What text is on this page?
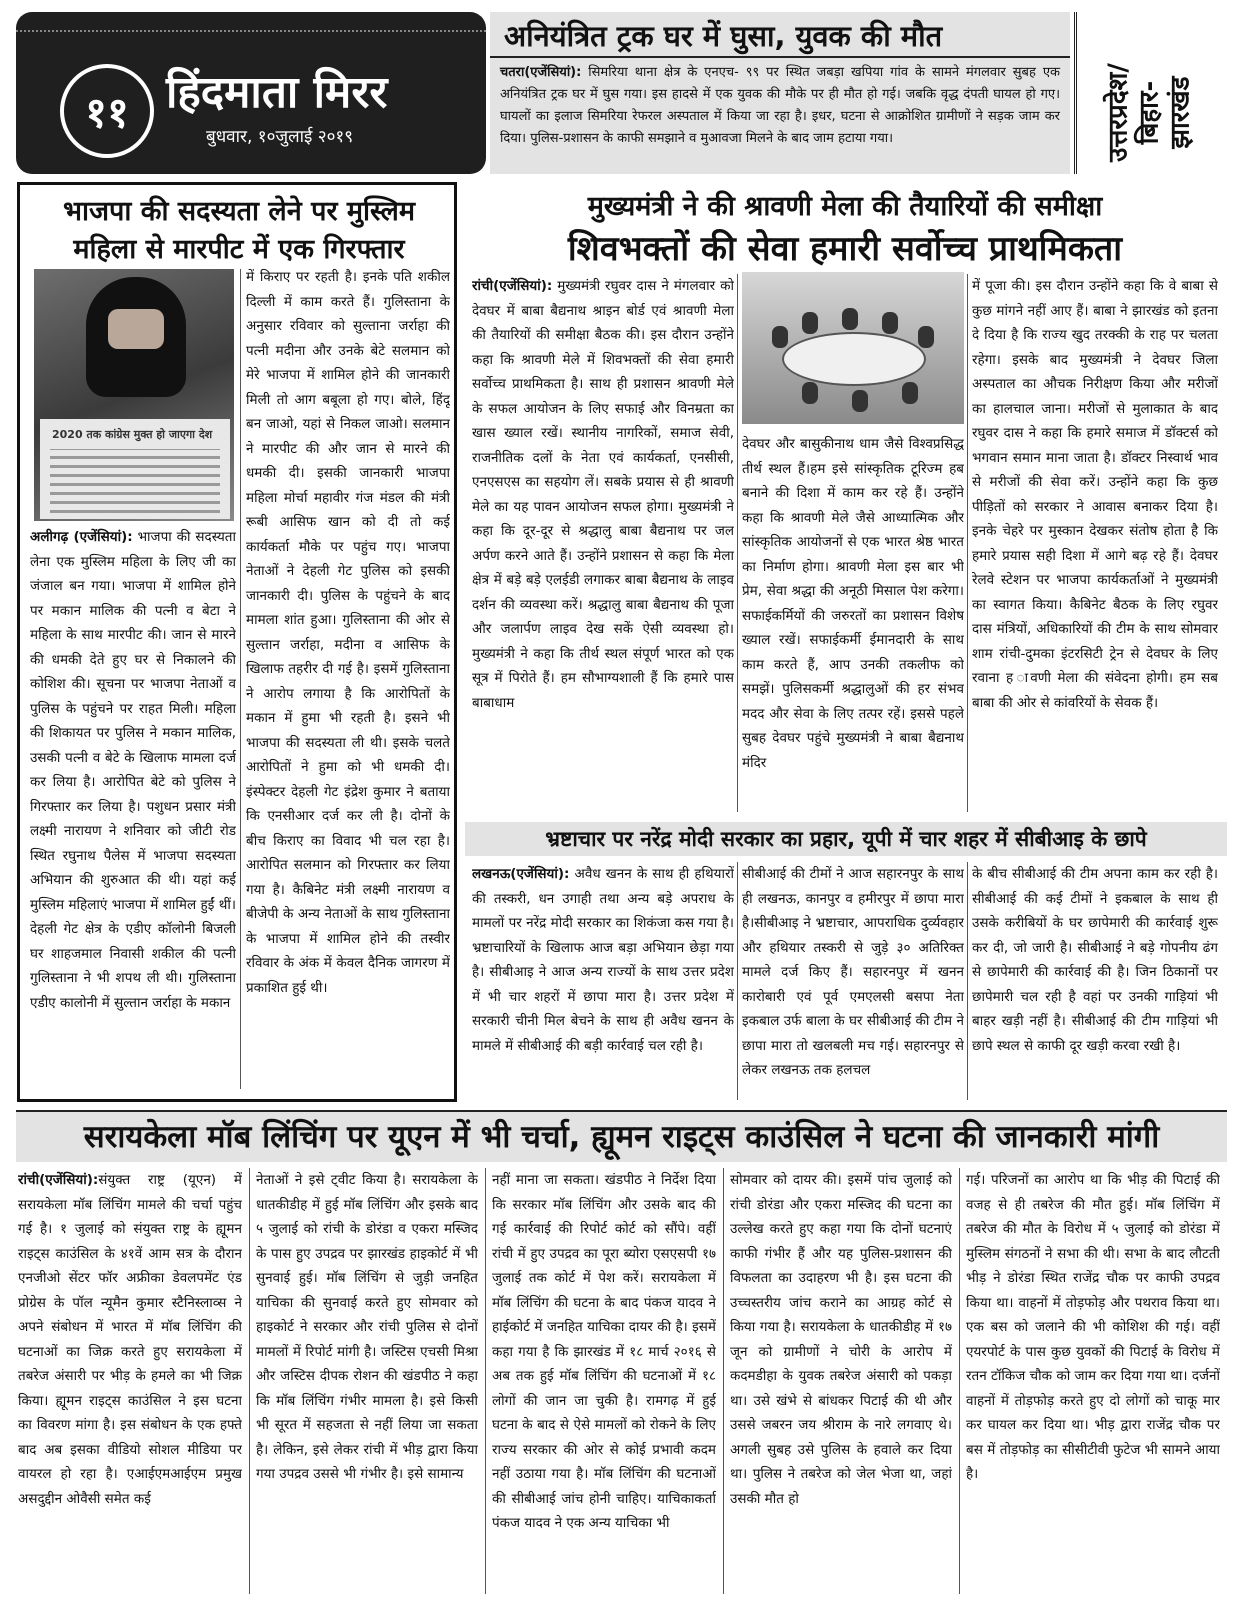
११ हिंदमाता मिरर
बुधवार, १०जुलाई २०१९
अनियंत्रित ट्रक घर में घुसा, युवक की मौत

चतरा(एजेंसियां): सिमरिया थाना क्षेत्र के एनएच- ९९ पर स्थित जबड़ा खपिया गांव के सामने मंगलवार सुबह एक अनियंत्रित ट्रक घर में घुस गया। इस हादसे में एक युवक की मौके पर ही मौत हो गई। जबकि वृद्ध दंपती घायल हो गए। घायलों का इलाज सिमरिया रेफरल अस्पताल में किया जा रहा है। इधर, घटना से आक्रोशित ग्रामीणों ने सड़क जाम कर दिया। पुलिस-प्रशासन के काफी समझाने व मुआवजा मिलने के बाद जाम हटाया गया।	उत्तरप्रदेश/
बिहार-
झारखंड
भाजपा की सदस्यता लेने पर मुस्लिम महिला से मारपीट में एक गिरफ्तार
2020 तक कांग्रेस मुक्त हो जाएगा देश
में किराए पर रहती है। इनके पति शकील दिल्ली में काम करते हैं। गुलिस्ताना के अनुसार रविवार को सुल्ताना जर्राहा की पत्नी मदीना और उनके बेटे सलमान को मेरे भाजपा में शामिल होने की जानकारी मिली तो आग बबूला हो गए। बोले, हिंदू बन जाओ, यहां से निकल जाओ। सलमान ने मारपीट की और जान से मारने की धमकी दी। इसकी जानकारी भाजपा महिला मोर्चा महावीर गंज मंडल की मंत्री रूबी आसिफ खान को दी तो कई कार्यकर्ता मौके पर पहुंच गए। भाजपा नेताओं ने देहली गेट पुलिस को इसकी जानकारी दी। पुलिस के पहुंचने के बाद मामला शांत हुआ। गुलिस्ताना की ओर से सुल्तान जर्राहा, मदीना व आसिफ के खिलाफ तहरीर दी गई है। इसमें गुलिस्ताना ने आरोप लगाया है कि आरोपितों के मकान में हुमा भी रहती है। इसने भी भाजपा की सदस्यता ली थी। इसके चलते आरोपितों ने हुमा को भी धमकी दी। इंस्पेक्टर देहली गेट इंद्रेश कुमार ने बताया कि एनसीआर दर्ज कर ली है। दोनों के बीच किराए का विवाद भी चल रहा है। आरोपित सलमान को गिरफ्तार कर लिया गया है। कैबिनेट मंत्री लक्ष्मी नारायण व बीजेपी के अन्य नेताओं के साथ गुलिस्ताना के भाजपा में शामिल होने की तस्वीर रविवार के अंक में केवल दैनिक जागरण में प्रकाशित हुई थी।
अलीगढ़ (एजेंसियां): भाजपा की सदस्यता लेना एक मुस्लिम महिला के लिए जी का जंजाल बन गया। भाजपा में शामिल होने पर मकान मालिक की पत्नी व बेटा ने महिला के साथ मारपीट की। जान से मारने की धमकी देते हुए घर से निकालने की कोशिश की। सूचना पर भाजपा नेताओं व पुलिस के पहुंचने पर राहत मिली। महिला की शिकायत पर पुलिस ने मकान मालिक, उसकी पत्नी व बेटे के खिलाफ मामला दर्ज कर लिया है। आरोपित बेटे को पुलिस ने गिरफ्तार कर लिया है। पशुधन प्रसार मंत्री लक्ष्मी नारायण ने शनिवार को जीटी रोड स्थित रघुनाथ पैलेस में भाजपा सदस्यता अभियान की शुरुआत की थी। यहां कई मुस्लिम महिलाएं भाजपा में शामिल हुईं थीं। देहली गेट क्षेत्र के एडीए कॉलोनी बिजली घर शाहजमाल निवासी शकील की पत्नी गुलिस्ताना ने भी शपथ ली थी। गुलिस्ताना एडीए कालोनी में सुल्तान जर्राहा के मकान
मुख्यमंत्री ने की श्रावणी मेला की तैयारियों की समीक्षा
शिवभक्तों की सेवा हमारी सर्वोच्च प्राथमिकता
रांची(एजेंसियां): मुख्यमंत्री रघुवर दास ने मंगलवार को देवघर में बाबा बैद्यनाथ श्राइन बोर्ड एवं श्रावणी मेला की तैयारियों की समीक्षा बैठक की। इस दौरान उन्होंने कहा कि श्रावणी मेले में शिवभक्तों की सेवा हमारी सर्वोच्च प्राथमिकता है। साथ ही प्रशासन श्रावणी मेले के सफल आयोजन के लिए सफाई और विनम्रता का खास ख्याल रखें। स्थानीय नागरिकों, समाज सेवी, राजनीतिक दलों के नेता एवं कार्यकर्ता, एनसीसी, एनएसएस का सहयोग लें। सबके प्रयास से ही श्रावणी मेले का यह पावन आयोजन सफल होगा। मुख्यमंत्री ने कहा कि दूर-दूर से श्रद्धालु बाबा बैद्यनाथ पर जल अर्पण करने आते हैं। उन्होंने प्रशासन से कहा कि मेला क्षेत्र में बड़े बड़े एलईडी लगाकर बाबा बैद्यनाथ के लाइव दर्शन की व्यवस्था करें। श्रद्धालु बाबा बैद्यनाथ की पूजा और जलार्पण लाइव देख सकें ऐसी व्यवस्था हो। मुख्यमंत्री ने कहा कि तीर्थ स्थल संपूर्ण भारत को एक सूत्र में पिरोते हैं। हम सौभाग्यशाली हैं कि हमारे पास बाबाधाम
देवघर और बासुकीनाथ धाम जैसे विश्वप्रसिद्ध तीर्थ स्थल हैं।हम इसे सांस्कृतिक टूरिज्म हब बनाने की दिशा में काम कर रहे हैं। उन्होंने कहा कि श्रावणी मेले जैसे आध्यात्मिक और सांस्कृतिक आयोजनों से एक भारत श्रेष्ठ भारत का निर्माण होगा। श्रावणी मेला इस बार भी प्रेम, सेवा श्रद्धा की अनूठी मिसाल पेश करेगा। सफाईकर्मियों की जरुरतों का प्रशासन विशेष ख्याल रखें। सफाईकर्मी ईमानदारी के साथ काम करते हैं, आप उनकी तकलीफ को समझें। पुलिसकर्मी श्रद्धालुओं की हर संभव मदद और सेवा के लिए तत्पर रहें। इससे पहले सुबह देवघर पहुंचे मुख्यमंत्री ने बाबा बैद्यनाथ मंदिर
में पूजा की। इस दौरान उन्होंने कहा कि वे बाबा से कुछ मांगने नहीं आए हैं। बाबा ने झारखंड को इतना दे दिया है कि राज्य खुद तरक्की के राह पर चलता रहेगा। इसके बाद मुख्यमंत्री ने देवघर जिला अस्पताल का औचक निरीक्षण किया और मरीजों का हालचाल जाना। मरीजों से मुलाकात के बाद रघुवर दास ने कहा कि हमारे समाज में डॉक्टर्स को भगवान समान माना जाता है। डॉक्टर निस्वार्थ भाव से मरीजों की सेवा करें। उन्होंने कहा कि कुछ पीड़ितों को सरकार ने आवास बनाकर दिया है। इनके चेहरे पर मुस्कान देखकर संतोष होता है कि हमारे प्रयास सही दिशा में आगे बढ़ रहे हैं। देवघर रेलवे स्टेशन पर भाजपा कार्यकर्ताओं ने मुख्यमंत्री का स्वागत किया। कैबिनेट बैठक के लिए रघुवर दास मंत्रियों, अधिकारियों की टीम के साथ सोमवार शाम रांची-दुमका इंटरसिटी ट्रेन से देवघर के लिए रवाना ह ावणी मेला की संवेदना होगी। हम सब बाबा की ओर से कांवरियों के सेवक हैं।
भ्रष्टाचार पर नरेंद्र मोदी सरकार का प्रहार, यूपी में चार शहर में सीबीआइ के छापे
लखनऊ(एजेंसियां): अवैध खनन के साथ ही हथियारों की तस्करी, धन उगाही तथा अन्य बड़े अपराध के मामलों पर नरेंद्र मोदी सरकार का शिकंजा कस गया है। भ्रष्टाचारियों के खिलाफ आज बड़ा अभियान छेड़ा गया है। सीबीआइ ने आज अन्य राज्यों के साथ उत्तर प्रदेश में भी चार शहरों में छापा मारा है। उत्तर प्रदेश में सरकारी चीनी मिल बेचने के साथ ही अवैध खनन के मामले में सीबीआई की बड़ी कार्रवाई चल रही है।
सीबीआई की टीमों ने आज सहारनपुर के साथ ही लखनऊ, कानपुर व हमीरपुर में छापा मारा है।सीबीआइ ने भ्रष्टाचार, आपराधिक दुर्व्यवहार और हथियार तस्करी से जुड़े ३० अतिरिक्त मामले दर्ज किए हैं। सहारनपुर में खनन कारोबारी एवं पूर्व एमएलसी बसपा नेता इकबाल उर्फ बाला के घर सीबीआई की टीम ने छापा मारा तो खलबली मच गई। सहारनपुर से लेकर लखनऊ तक हलचल
के बीच सीबीआई की टीम अपना काम कर रही है। सीबीआई की कई टीमों ने इकबाल के साथ ही उसके करीबियों के घर छापेमारी की कार्रवाई शुरू कर दी, जो जारी है। सीबीआई ने बड़े गोपनीय ढंग से छापेमारी की कार्रवाई की है। जिन ठिकानों पर छापेमारी चल रही है वहां पर उनकी गाड़ियां भी बाहर खड़ी नहीं है। सीबीआई की टीम गाड़ियां भी छापे स्थल से काफी दूर खड़ी करवा रखी है।
सरायकेला मॉब लिंचिंग पर यूएन में भी चर्चा, ह्यूमन राइट्स काउंसिल ने घटना की जानकारी मांगी
रांची(एजेंसियां):संयुक्त राष्ट्र (यूएन) में सरायकेला मॉब लिंचिंग मामले की चर्चा पहुंच गई है। १ जुलाई को संयुक्त राष्ट्र के ह्यूमन राइट्स काउंसिल के ४१वें आम सत्र के दौरान एनजीओ सेंटर फॉर अफ्रीका डेवलपमेंट एंड प्रोग्रेस के पॉल न्यूमैन कुमार स्टैनिस्लाव्स ने अपने संबोधन में भारत में मॉब लिंचिंग की घटनाओं का जिक्र करते हुए सरायकेला में तबरेज अंसारी पर भीड़ के हमले का भी जिक्र किया। ह्यूमन राइट्स काउंसिल ने इस घटना का विवरण मांगा है। इस संबोधन के एक हफ्ते बाद अब इसका वीडियो सोशल मीडिया पर वायरल हो रहा है। एआईएमआईएम प्रमुख असदुद्दीन ओवैसी समेत कई
नेताओं ने इसे ट्वीट किया है। सरायकेला के धातकीडीह में हुई मॉब लिंचिंग और इसके बाद ५ जुलाई को रांची के डोरंडा व एकरा मस्जिद के पास हुए उपद्रव पर झारखंड हाइकोर्ट में भी सुनवाई हुई। मॉब लिंचिंग से जुड़ी जनहित याचिका की सुनवाई करते हुए सोमवार को हाइकोर्ट ने सरकार और रांची पुलिस से दोनों मामलों में रिपोर्ट मांगी है। जस्टिस एचसी मिश्रा और जस्टिस दीपक रोशन की खंडपीठ ने कहा कि मॉब लिंचिंग गंभीर मामला है। इसे किसी भी सूरत में सहजता से नहीं लिया जा सकता है। लेकिन, इसे लेकर रांची में भीड़ द्वारा किया गया उपद्रव उससे भी गंभीर है। इसे सामान्य
नहीं माना जा सकता। खंडपीठ ने निर्देश दिया कि सरकार मॉब लिंचिंग और उसके बाद की गई कार्रवाई की रिपोर्ट कोर्ट को सौंपे। वहीं रांची में हुए उपद्रव का पूरा ब्योरा एसएसपी १७ जुलाई तक कोर्ट में पेश करें। सरायकेला में मॉब लिंचिंग की घटना के बाद पंकज यादव ने हाईकोर्ट में जनहित याचिका दायर की है। इसमें कहा गया है कि झारखंड में १८ मार्च २०१६ से अब तक हुई मॉब लिंचिंग की घटनाओं में १८ लोगों की जान जा चुकी है। रामगढ़ में हुई घटना के बाद से ऐसे मामलों को रोकने के लिए राज्य सरकार की ओर से कोई प्रभावी कदम नहीं उठाया गया है। मॉब लिंचिंग की घटनाओं की सीबीआई जांच होनी चाहिए। याचिकाकर्ता पंकज यादव ने एक अन्य याचिका भी
सोमवार को दायर की। इसमें पांच जुलाई को रांची डोरंडा और एकरा मस्जिद की घटना का उल्लेख करते हुए कहा गया कि दोनों घटनाएं काफी गंभीर हैं और यह पुलिस-प्रशासन की विफलता का उदाहरण भी है। इस घटना की उच्चस्तरीय जांच कराने का आग्रह कोर्ट से किया गया है। सरायकेला के धातकीडीह में १७ जून को ग्रामीणों ने चोरी के आरोप में कदमडीहा के युवक तबरेज अंसारी को पकड़ा था। उसे खंभे से बांधकर पिटाई की थी और उससे जबरन जय श्रीराम के नारे लगवाए थे। अगली सुबह उसे पुलिस के हवाले कर दिया था। पुलिस ने तबरेज को जेल भेजा था, जहां उसकी मौत हो
गई। परिजनों का आरोप था कि भीड़ की पिटाई की वजह से ही तबरेज की मौत हुई। मॉब लिंचिंग में तबरेज की मौत के विरोध में ५ जुलाई को डोरंडा में मुस्लिम संगठनों ने सभा की थी। सभा के बाद लौटती भीड़ ने डोरंडा स्थित राजेंद्र चौक पर काफी उपद्रव किया था। वाहनों में तोड़फोड़ और पथराव किया था। एक बस को जलाने की भी कोशिश की गई। वहीं एयरपोर्ट के पास कुछ युवकों की पिटाई के विरोध में रतन टॉकिज चौक को जाम कर दिया गया था। दर्जनों वाहनों में तोड़फोड़ करते हुए दो लोगों को चाकू मार कर घायल कर दिया था। भीड़ द्वारा राजेंद्र चौक पर बस में तोड़फोड़ का सीसीटीवी फुटेज भी सामने आया है।
